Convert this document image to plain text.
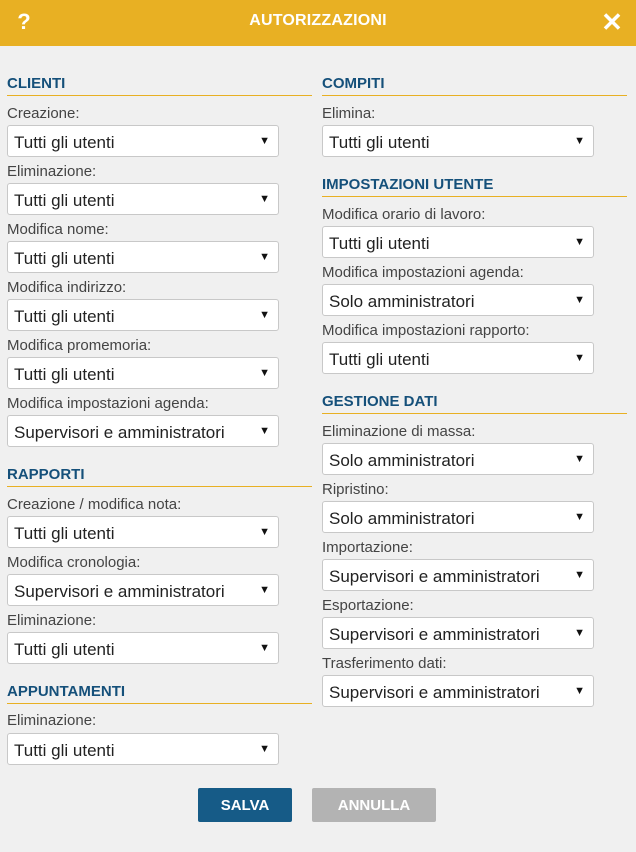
?	AUTORIZZAZIONI	✕
CLIENTI
Creazione:
Tutti gli utenti	▼
Eliminazione:
Tutti gli utenti	▼
Modifica nome:
Tutti gli utenti	▼
Modifica indirizzo:
Tutti gli utenti	▼
Modifica promemoria:
Tutti gli utenti	▼
Modifica impostazioni agenda:
Supervisori e amministratori	▼
RAPPORTI
Creazione / modifica nota:
Tutti gli utenti	▼
Modifica cronologia:
Supervisori e amministratori	▼
Eliminazione:
Tutti gli utenti	▼
APPUNTAMENTI
Eliminazione:
Tutti gli utenti	▼
COMPITI
Elimina:
Tutti gli utenti	▼
IMPOSTAZIONI UTENTE
Modifica orario di lavoro:
Tutti gli utenti	▼
Modifica impostazioni agenda:
Solo amministratori	▼
Modifica impostazioni rapporto:
Tutti gli utenti	▼
GESTIONE DATI
Eliminazione di massa:
Solo amministratori	▼
Ripristino:
Solo amministratori	▼
Importazione:
Supervisori e amministratori	▼
Esportazione:
Supervisori e amministratori	▼
Trasferimento dati:
Supervisori e amministratori	▼
SALVA	ANNULLA
